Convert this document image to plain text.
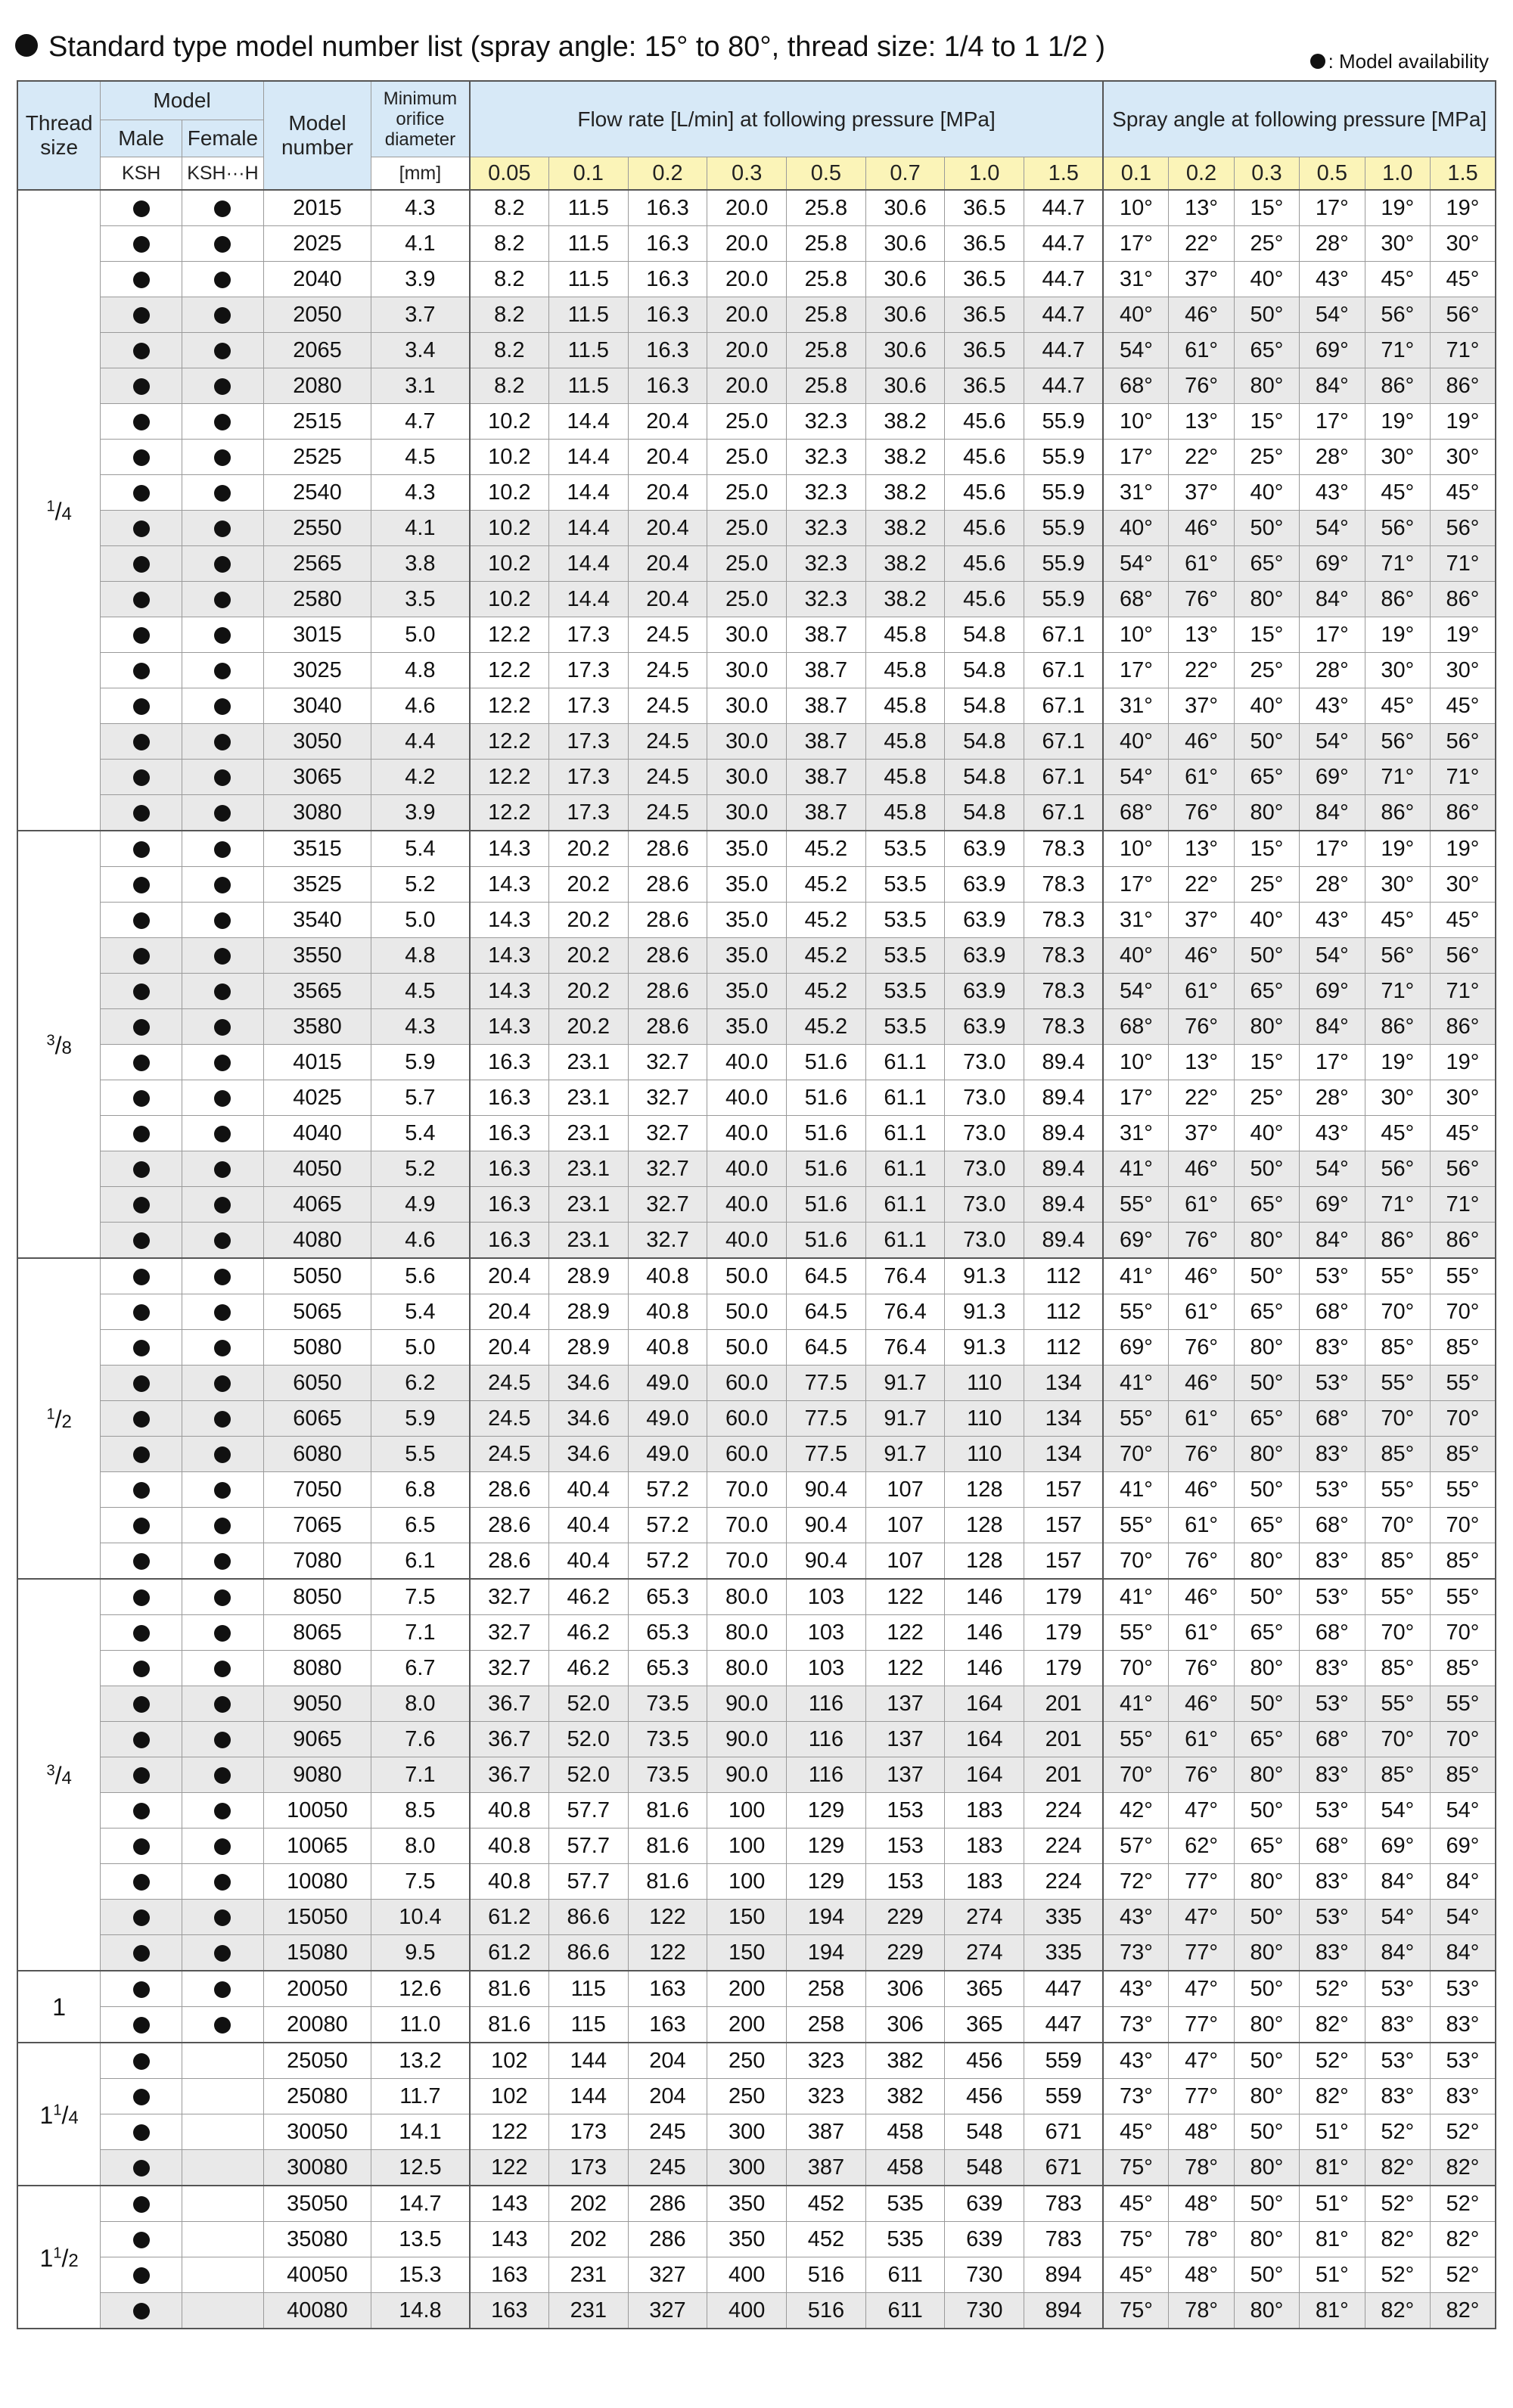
Standard type model number list (spray angle: 15° to 80°, thread size: 1/4 to 1 1/2 )	: Model availability
Thread size	Model		Model number	Minimum orifice diameter	Flow rate [L/min] at following pressure [MPa]								Spray angle at following pressure [MPa]					
	Male	Female																
	KSH	KSH···H		[mm]	0.05	0.1	0.2	0.3	0.5	0.7	1.0	1.5	0.1	0.2	0.3	0.5	1.0	1.5
$^1$/4			2015	4.3	8.2	11.5	16.3	20.0	25.8	30.6	36.5	44.7	10°	13°	15°	17°	19°	19°
			2025	4.1	8.2	11.5	16.3	20.0	25.8	30.6	36.5	44.7	17°	22°	25°	28°	30°	30°
			2040	3.9	8.2	11.5	16.3	20.0	25.8	30.6	36.5	44.7	31°	37°	40°	43°	45°	45°
			2050	3.7	8.2	11.5	16.3	20.0	25.8	30.6	36.5	44.7	40°	46°	50°	54°	56°	56°
			2065	3.4	8.2	11.5	16.3	20.0	25.8	30.6	36.5	44.7	54°	61°	65°	69°	71°	71°
			2080	3.1	8.2	11.5	16.3	20.0	25.8	30.6	36.5	44.7	68°	76°	80°	84°	86°	86°
			2515	4.7	10.2	14.4	20.4	25.0	32.3	38.2	45.6	55.9	10°	13°	15°	17°	19°	19°
			2525	4.5	10.2	14.4	20.4	25.0	32.3	38.2	45.6	55.9	17°	22°	25°	28°	30°	30°
			2540	4.3	10.2	14.4	20.4	25.0	32.3	38.2	45.6	55.9	31°	37°	40°	43°	45°	45°
			2550	4.1	10.2	14.4	20.4	25.0	32.3	38.2	45.6	55.9	40°	46°	50°	54°	56°	56°
			2565	3.8	10.2	14.4	20.4	25.0	32.3	38.2	45.6	55.9	54°	61°	65°	69°	71°	71°
			2580	3.5	10.2	14.4	20.4	25.0	32.3	38.2	45.6	55.9	68°	76°	80°	84°	86°	86°
			3015	5.0	12.2	17.3	24.5	30.0	38.7	45.8	54.8	67.1	10°	13°	15°	17°	19°	19°
			3025	4.8	12.2	17.3	24.5	30.0	38.7	45.8	54.8	67.1	17°	22°	25°	28°	30°	30°
			3040	4.6	12.2	17.3	24.5	30.0	38.7	45.8	54.8	67.1	31°	37°	40°	43°	45°	45°
			3050	4.4	12.2	17.3	24.5	30.0	38.7	45.8	54.8	67.1	40°	46°	50°	54°	56°	56°
			3065	4.2	12.2	17.3	24.5	30.0	38.7	45.8	54.8	67.1	54°	61°	65°	69°	71°	71°
			3080	3.9	12.2	17.3	24.5	30.0	38.7	45.8	54.8	67.1	68°	76°	80°	84°	86°	86°
$^3$/8			3515	5.4	14.3	20.2	28.6	35.0	45.2	53.5	63.9	78.3	10°	13°	15°	17°	19°	19°
			3525	5.2	14.3	20.2	28.6	35.0	45.2	53.5	63.9	78.3	17°	22°	25°	28°	30°	30°
			3540	5.0	14.3	20.2	28.6	35.0	45.2	53.5	63.9	78.3	31°	37°	40°	43°	45°	45°
			3550	4.8	14.3	20.2	28.6	35.0	45.2	53.5	63.9	78.3	40°	46°	50°	54°	56°	56°
			3565	4.5	14.3	20.2	28.6	35.0	45.2	53.5	63.9	78.3	54°	61°	65°	69°	71°	71°
			3580	4.3	14.3	20.2	28.6	35.0	45.2	53.5	63.9	78.3	68°	76°	80°	84°	86°	86°
			4015	5.9	16.3	23.1	32.7	40.0	51.6	61.1	73.0	89.4	10°	13°	15°	17°	19°	19°
			4025	5.7	16.3	23.1	32.7	40.0	51.6	61.1	73.0	89.4	17°	22°	25°	28°	30°	30°
			4040	5.4	16.3	23.1	32.7	40.0	51.6	61.1	73.0	89.4	31°	37°	40°	43°	45°	45°
			4050	5.2	16.3	23.1	32.7	40.0	51.6	61.1	73.0	89.4	41°	46°	50°	54°	56°	56°
			4065	4.9	16.3	23.1	32.7	40.0	51.6	61.1	73.0	89.4	55°	61°	65°	69°	71°	71°
			4080	4.6	16.3	23.1	32.7	40.0	51.6	61.1	73.0	89.4	69°	76°	80°	84°	86°	86°
$^1$/2			5050	5.6	20.4	28.9	40.8	50.0	64.5	76.4	91.3	112	41°	46°	50°	53°	55°	55°
			5065	5.4	20.4	28.9	40.8	50.0	64.5	76.4	91.3	112	55°	61°	65°	68°	70°	70°
			5080	5.0	20.4	28.9	40.8	50.0	64.5	76.4	91.3	112	69°	76°	80°	83°	85°	85°
			6050	6.2	24.5	34.6	49.0	60.0	77.5	91.7	110	134	41°	46°	50°	53°	55°	55°
			6065	5.9	24.5	34.6	49.0	60.0	77.5	91.7	110	134	55°	61°	65°	68°	70°	70°
			6080	5.5	24.5	34.6	49.0	60.0	77.5	91.7	110	134	70°	76°	80°	83°	85°	85°
			7050	6.8	28.6	40.4	57.2	70.0	90.4	107	128	157	41°	46°	50°	53°	55°	55°
			7065	6.5	28.6	40.4	57.2	70.0	90.4	107	128	157	55°	61°	65°	68°	70°	70°
			7080	6.1	28.6	40.4	57.2	70.0	90.4	107	128	157	70°	76°	80°	83°	85°	85°
$^3$/4			8050	7.5	32.7	46.2	65.3	80.0	103	122	146	179	41°	46°	50°	53°	55°	55°
			8065	7.1	32.7	46.2	65.3	80.0	103	122	146	179	55°	61°	65°	68°	70°	70°
			8080	6.7	32.7	46.2	65.3	80.0	103	122	146	179	70°	76°	80°	83°	85°	85°
			9050	8.0	36.7	52.0	73.5	90.0	116	137	164	201	41°	46°	50°	53°	55°	55°
			9065	7.6	36.7	52.0	73.5	90.0	116	137	164	201	55°	61°	65°	68°	70°	70°
			9080	7.1	36.7	52.0	73.5	90.0	116	137	164	201	70°	76°	80°	83°	85°	85°
			10050	8.5	40.8	57.7	81.6	100	129	153	183	224	42°	47°	50°	53°	54°	54°
			10065	8.0	40.8	57.7	81.6	100	129	153	183	224	57°	62°	65°	68°	69°	69°
			10080	7.5	40.8	57.7	81.6	100	129	153	183	224	72°	77°	80°	83°	84°	84°
			15050	10.4	61.2	86.6	122	150	194	229	274	335	43°	47°	50°	53°	54°	54°
			15080	9.5	61.2	86.6	122	150	194	229	274	335	73°	77°	80°	83°	84°	84°
1			20050	12.6	81.6	115	163	200	258	306	365	447	43°	47°	50°	52°	53°	53°
			20080	11.0	81.6	115	163	200	258	306	365	447	73°	77°	80°	82°	83°	83°
$1^1/4$			25050	13.2	102	144	204	250	323	382	456	559	43°	47°	50°	52°	53°	53°
			25080	11.7	102	144	204	250	323	382	456	559	73°	77°	80°	82°	83°	83°
			30050	14.1	122	173	245	300	387	458	548	671	45°	48°	50°	51°	52°	52°
			30080	12.5	122	173	245	300	387	458	548	671	75°	78°	80°	81°	82°	82°
$1^1/2$			35050	14.7	143	202	286	350	452	535	639	783	45°	48°	50°	51°	52°	52°
			35080	13.5	143	202	286	350	452	535	639	783	75°	78°	80°	81°	82°	82°
			40050	15.3	163	231	327	400	516	611	730	894	45°	48°	50°	51°	52°	52°
			40080	14.8	163	231	327	400	516	611	730	894	75°	78°	80°	81°	82°	82°
